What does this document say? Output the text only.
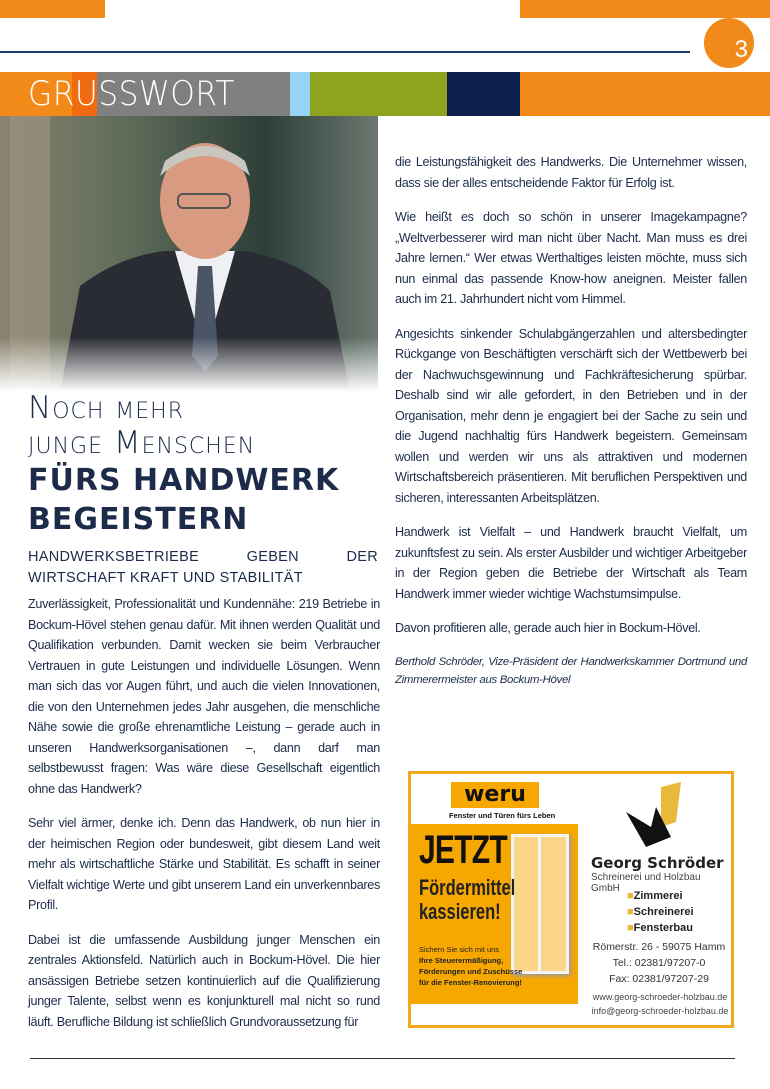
3
GRUSSWORT
Noch mehr
junge Menschen
FÜRS HANDWERK
BEGEISTERN
HANDWERKSBETRIEBE GEBEN DER WIRTSCHAFT KRAFT UND STABILITÄT

Zuverlässigkeit, Professionalität und Kundennähe: 219 Betriebe in Bockum-Hövel stehen genau dafür. Mit ihnen werden Qualität und Qualifikation verbunden. Damit wecken sie beim Verbraucher Vertrauen in gute Leistungen und individuelle Lösungen. Wenn man sich das vor Augen führt, und auch die vielen Innovationen, die von den Unternehmen jedes Jahr ausgehen, die menschliche Nähe sowie die große ehrenamtliche Leistung – gerade auch in unseren Handwerksorganisationen –, dann darf man selbstbewusst fragen: Was wäre diese Gesellschaft eigentlich ohne das Handwerk?

Sehr viel ärmer, denke ich. Denn das Handwerk, ob nun hier in der heimischen Region oder bundesweit, gibt diesem Land weit mehr als wirtschaftliche Stärke und Stabilität. Es schafft in seiner Vielfalt wichtige Werte und gibt unserem Land ein unverkennbares Profil.

Dabei ist die umfassende Ausbildung junger Menschen ein zentrales Aktionsfeld. Natürlich auch in Bockum-Hövel. Die hier ansässigen Betriebe setzen kontinuierlich auf die Qualifizierung junger Talente, selbst wenn es konjunkturell mal nicht so rund läuft. Berufliche Bildung ist schließlich Grundvoraussetzung für

die Leistungsfähigkeit des Handwerks. Die Unternehmer wissen, dass sie der alles entscheidende Faktor für Erfolg ist.

Wie heißt es doch so schön in unserer Imagekampagne? „Weltverbesserer wird man nicht über Nacht. Man muss es drei Jahre lernen.“ Wer etwas Werthaltiges leisten möchte, muss sich nun einmal das passende Know-how aneignen. Meister fallen auch im 21. Jahrhundert nicht vom Himmel.

Angesichts sinkender Schulabgängerzahlen und altersbedingter Rückgange von Beschäftigten verschärft sich der Wettbewerb bei der Nachwuchsgewinnung und Fachkräftesicherung spürbar. Deshalb sind wir alle gefordert, in den Betrieben und in der Organisation, mehr denn je engagiert bei der Sache zu sein und die Jugend nachhaltig fürs Handwerk begeistern. Gemeinsam wollen und werden wir uns als attraktiven und modernen Wirtschaftsbereich präsentieren. Mit beruflichen Perspektiven und sicheren, interessanten Arbeitsplätzen.

Handwerk ist Vielfalt – und Handwerk braucht Vielfalt, um zukunftsfest zu sein. Als erster Ausbilder und wichtiger Arbeitgeber in der Region geben die Betriebe der Wirtschaft als Team Handwerk immer wieder wichtige Wachstumsimpulse.

Davon profitieren alle, gerade auch hier in Bockum-Hövel.

Berthold Schröder, Vize-Präsident der Handwerkskammer Dortmund und Zimmerermeister aus Bockum-Hövel

weru
Fenster und Türen fürs Leben
JETZT
Fördermittel
kassieren!
Sichern Sie sich mit uns
Ihre Steuerermäßigung,
Förderungen und Zuschüsse
für die Fenster-Renovierung!
Georg Schröder
Schreinerei und Holzbau GmbH
■Zimmerei
■Schreinerei
■Fensterbau
Römerstr. 26 - 59075 Hamm
Tel.: 02381/97207-0
Fax: 02381/97207-29
www.georg-schroeder-holzbau.de
info@georg-schroeder-holzbau.de
